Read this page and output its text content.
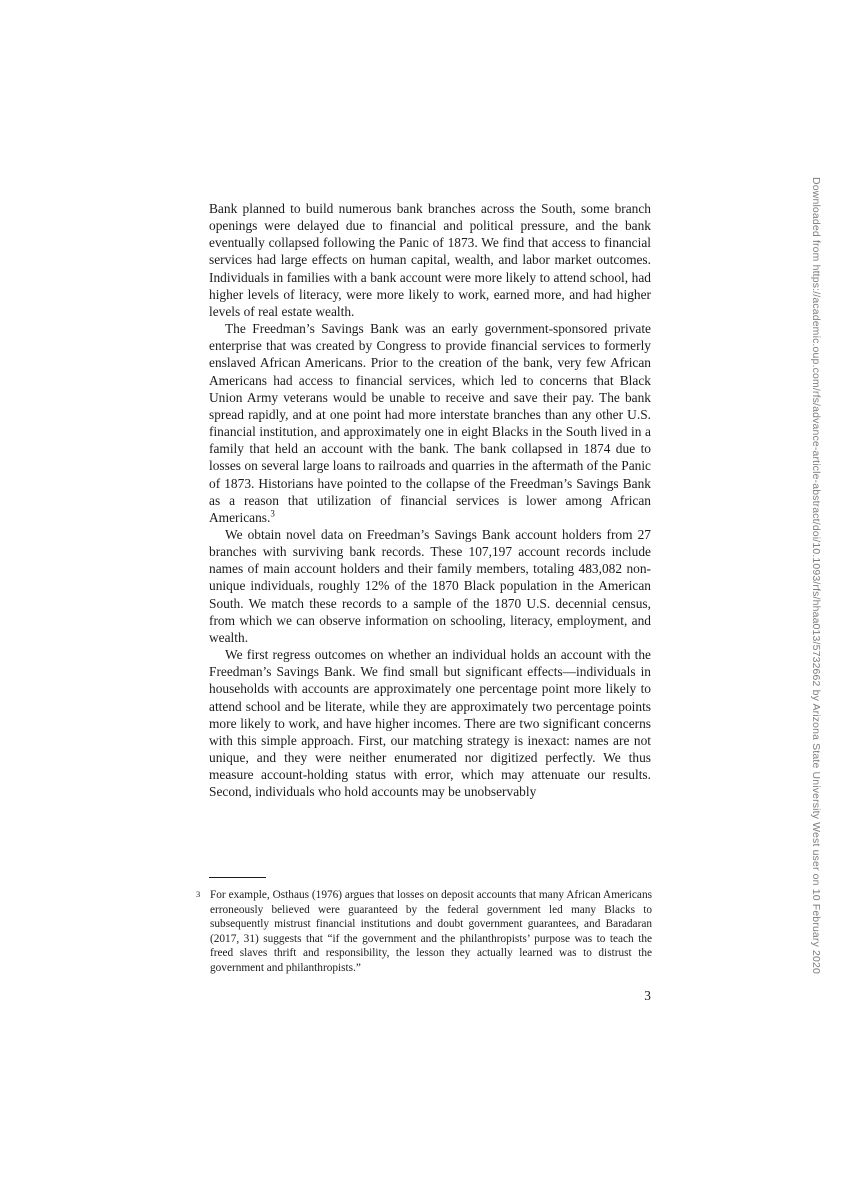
Downloaded from https://academic.oup.com/rfs/advance-article-abstract/doi/10.1093/rfs/hhaa013/5732662 by Arizona State University West user on 10 February 2020

Bank planned to build numerous bank branches across the South, some branch openings were delayed due to financial and political pressure, and the bank eventually collapsed following the Panic of 1873. We find that access to financial services had large effects on human capital, wealth, and labor market outcomes. Individuals in families with a bank account were more likely to attend school, had higher levels of literacy, were more likely to work, earned more, and had higher levels of real estate wealth.

The Freedman’s Savings Bank was an early government-sponsored private enterprise that was created by Congress to provide financial services to formerly enslaved African Americans. Prior to the creation of the bank, very few African Americans had access to financial services, which led to concerns that Black Union Army veterans would be unable to receive and save their pay. The bank spread rapidly, and at one point had more interstate branches than any other U.S. financial institution, and approximately one in eight Blacks in the South lived in a family that held an account with the bank. The bank collapsed in 1874 due to losses on several large loans to railroads and quarries in the aftermath of the Panic of 1873. Historians have pointed to the collapse of the Freedman’s Savings Bank as a reason that utilization of financial services is lower among African Americans.$^3$

We obtain novel data on Freedman’s Savings Bank account holders from 27 branches with surviving bank records. These 107,197 account records include names of main account holders and their family members, totaling 483,082 non-unique individuals, roughly 12% of the 1870 Black population in the American South. We match these records to a sample of the 1870 U.S. decennial census, from which we can observe information on schooling, literacy, employment, and wealth.

We first regress outcomes on whether an individual holds an account with the Freedman’s Savings Bank. We find small but significant effects—individuals in households with accounts are approximately one percentage point more likely to attend school and be literate, while they are approximately two percentage points more likely to work, and have higher incomes. There are two significant concerns with this simple approach. First, our matching strategy is inexact: names are not unique, and they were neither enumerated nor digitized perfectly. We thus measure account-holding status with error, which may attenuate our results. Second, individuals who hold accounts may be unobservably

$^3$ For example, Osthaus (1976) argues that losses on deposit accounts that many African Americans erroneously believed were guaranteed by the federal government led many Blacks to subsequently mistrust financial institutions and doubt government guarantees, and Baradaran (2017, 31) suggests that “if the government and the philanthropists’ purpose was to teach the freed slaves thrift and responsibility, the lesson they actually learned was to distrust the government and philanthropists.”
3
